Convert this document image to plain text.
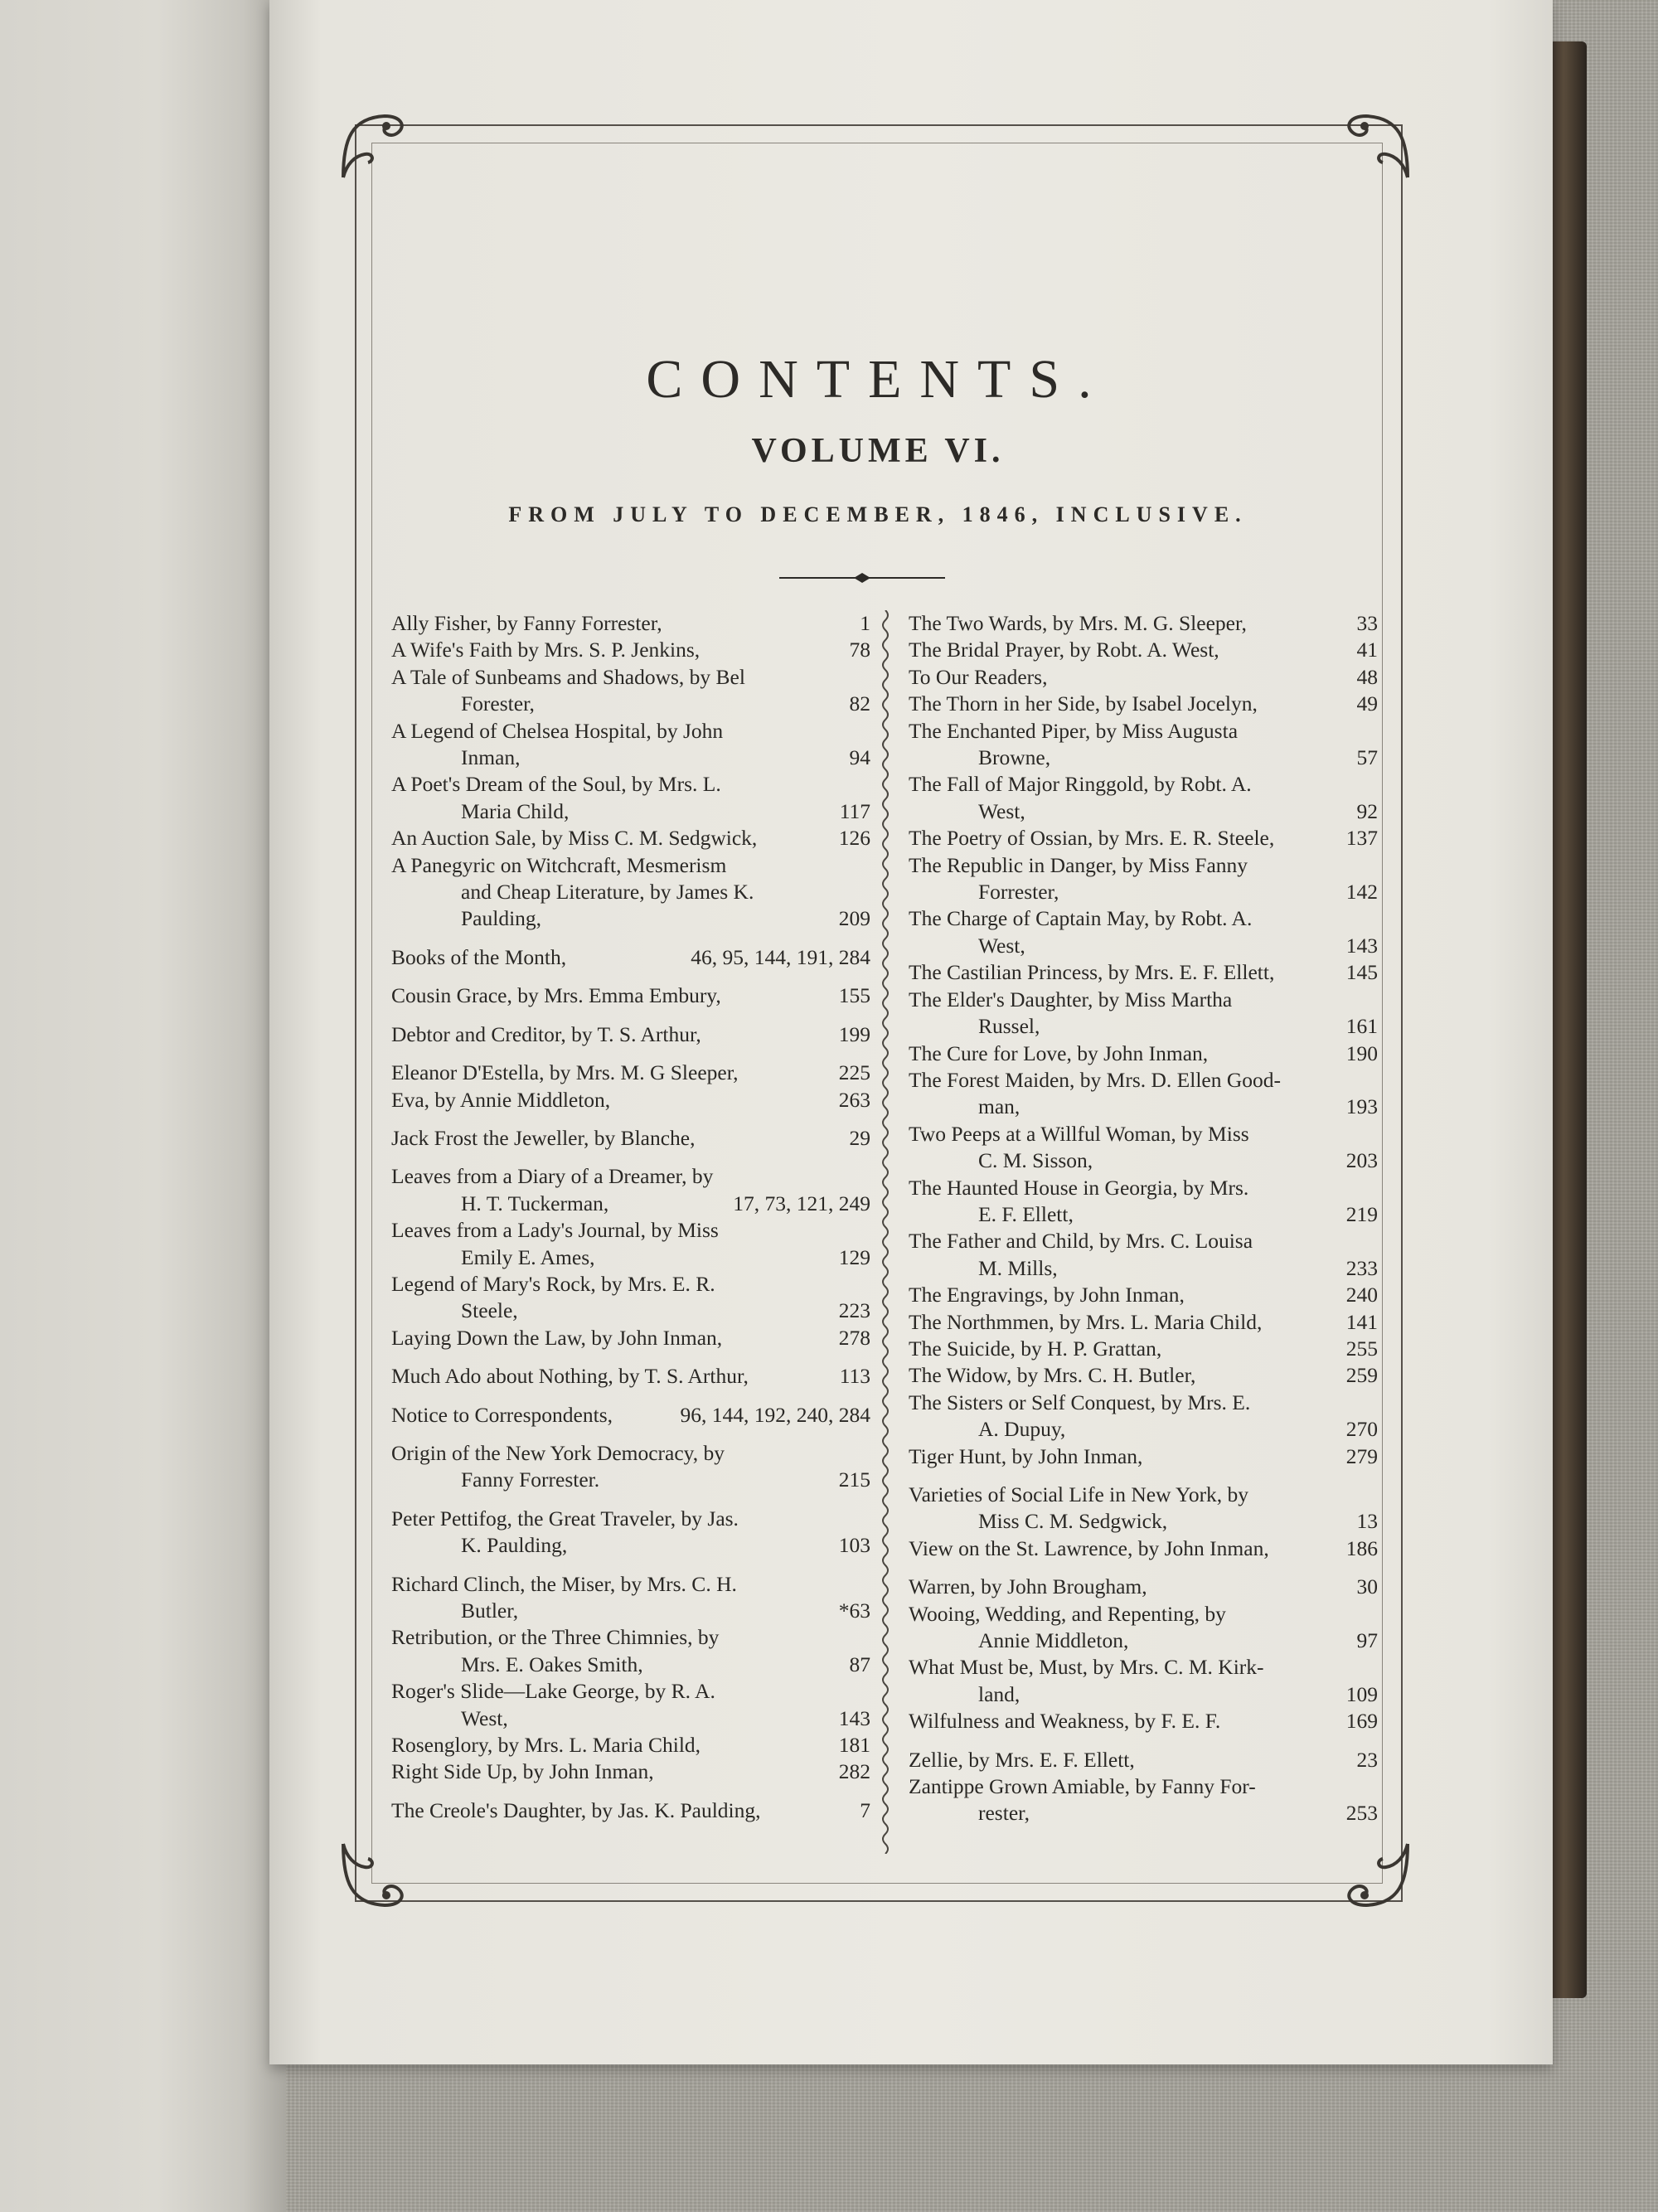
CONTENTS.
VOLUME VI.
FROM JULY TO DECEMBER, 1846, INCLUSIVE.
Ally Fisher, by Fanny Forrester,	1
A Wife's Faith by Mrs. S. P. Jenkins,	78
A Tale of Sunbeams and Shadows, by Bel
Forester,	82
A Legend of Chelsea Hospital, by John
Inman,	94
A Poet's Dream of the Soul, by Mrs. L.
Maria Child,	117
An Auction Sale, by Miss C. M. Sedgwick,	126
A Panegyric on Witchcraft, Mesmerism
and Cheap Literature, by James K.
Paulding,	209
Books of the Month,	46, 95, 144, 191, 284
Cousin Grace, by Mrs. Emma Embury,	155
Debtor and Creditor, by T. S. Arthur,	199
Eleanor D'Estella, by Mrs. M. G Sleeper,	225
Eva, by Annie Middleton,	263
Jack Frost the Jeweller, by Blanche,	29
Leaves from a Diary of a Dreamer, by
H. T. Tuckerman,	17, 73, 121, 249
Leaves from a Lady's Journal, by Miss
Emily E. Ames,	129
Legend of Mary's Rock, by Mrs. E. R.
Steele,	223
Laying Down the Law, by John Inman,	278
Much Ado about Nothing, by T. S. Arthur,	113
Notice to Correspondents,	96, 144, 192, 240, 284
Origin of the New York Democracy, by
Fanny Forrester.	215
Peter Pettifog, the Great Traveler, by Jas.
K. Paulding,	103
Richard Clinch, the Miser, by Mrs. C. H.
Butler,	*63
Retribution, or the Three Chimnies, by
Mrs. E. Oakes Smith,	87
Roger's Slide—Lake George, by R. A.
West,	143
Rosenglory, by Mrs. L. Maria Child,	181
Right Side Up, by John Inman,	282
The Creole's Daughter, by Jas. K. Paulding,	7
The Two Wards, by Mrs. M. G. Sleeper,	33
The Bridal Prayer, by Robt. A. West,	41
To Our Readers,	48
The Thorn in her Side, by Isabel Jocelyn,	49
The Enchanted Piper, by Miss Augusta
Browne,	57
The Fall of Major Ringgold, by Robt. A.
West,	92
The Poetry of Ossian, by Mrs. E. R. Steele,	137
The Republic in Danger, by Miss Fanny
Forrester,	142
The Charge of Captain May, by Robt. A.
West,	143
The Castilian Princess, by Mrs. E. F. Ellett,	145
The Elder's Daughter, by Miss Martha
Russel,	161
The Cure for Love, by John Inman,	190
The Forest Maiden, by Mrs. D. Ellen Good-
man,	193
Two Peeps at a Willful Woman, by Miss
C. M. Sisson,	203
The Haunted House in Georgia, by Mrs.
E. F. Ellett,	219
The Father and Child, by Mrs. C. Louisa
M. Mills,	233
The Engravings, by John Inman,	240
The Northmmen, by Mrs. L. Maria Child,	141
The Suicide, by H. P. Grattan,	255
The Widow, by Mrs. C. H. Butler,	259
The Sisters or Self Conquest, by Mrs. E.
A. Dupuy,	270
Tiger Hunt, by John Inman,	279
Varieties of Social Life in New York, by
Miss C. M. Sedgwick,	13
View on the St. Lawrence, by John Inman,	186
Warren, by John Brougham,	30
Wooing, Wedding, and Repenting, by
Annie Middleton,	97
What Must be, Must, by Mrs. C. M. Kirk-
land,	109
Wilfulness and Weakness, by F. E. F.	169
Zellie, by Mrs. E. F. Ellett,	23
Zantippe Grown Amiable, by Fanny For-
rester,	253
